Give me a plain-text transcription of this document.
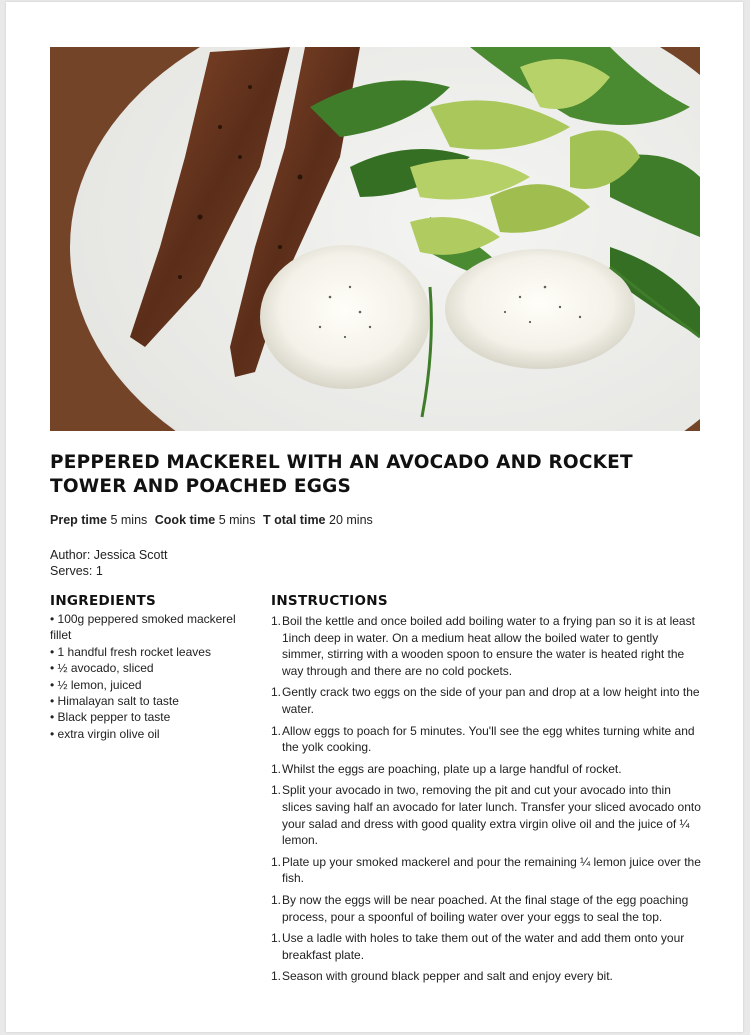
PEPPERED MACKEREL WITH AN AVOCADO AND ROCKET TOWER AND POACHED EGGS
Prep time 5 mins Cook time 5 mins T otal time 20 mins
Author: Jessica Scott
Serves: 1
INGREDIENTS
• 100g peppered smoked mackerel fillet
• 1 handful fresh rocket leaves
• ½ avocado, sliced
• ½ lemon, juiced
• Himalayan salt to taste
• Black pepper to taste
• extra virgin olive oil
INSTRUCTIONS
1. Boil the kettle and once boiled add boiling water to a frying pan so it is at least 1inch deep in water. On a medium heat allow the boiled water to gently simmer, stirring with a wooden spoon to ensure the water is heated right the way through and there are no cold pockets.
1. Gently crack two eggs on the side of your pan and drop at a low height into the water.
1. Allow eggs to poach for 5 minutes. You'll see the egg whites turning white and the yolk cooking.
1. Whilst the eggs are poaching, plate up a large handful of rocket.
1. Split your avocado in two, removing the pit and cut your avocado into thin slices saving half an avocado for later lunch. Transfer your sliced avocado onto your salad and dress with good quality extra virgin olive oil and the juice of ¼ lemon.
1. Plate up your smoked mackerel and pour the remaining ¼ lemon juice over the fish.
1. By now the eggs will be near poached. At the final stage of the egg poaching process, pour a spoonful of boiling water over your eggs to seal the top.
1. Use a ladle with holes to take them out of the water and add them onto your breakfast plate.
1. Season with ground black pepper and salt and enjoy every bit.
